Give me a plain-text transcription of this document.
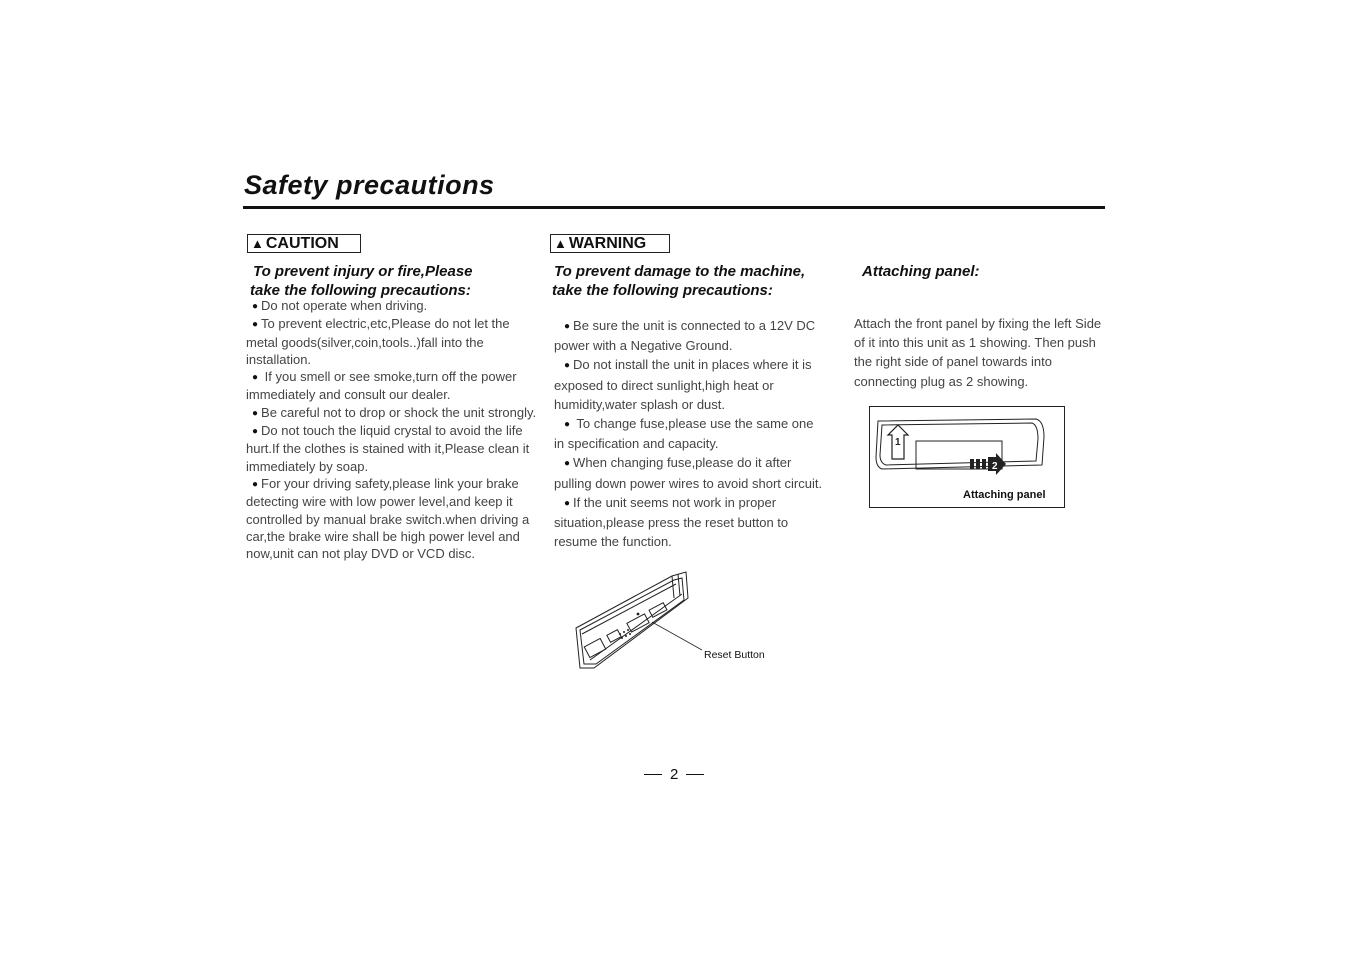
Safety precautions
▲ CAUTION
To prevent injury or fire,Please
take the following precautions:

● Do not operate when driving.

● To prevent electric,etc,Please do not let the metal goods(silver,coin,tools..)fall into the installation.

● If you smell or see smoke,turn off the power immediately and consult our dealer.

● Be careful not to drop or shock the unit strongly.

● Do not touch the liquid crystal to avoid the life hurt.If the clothes is stained with it,Please clean it immediately by soap.

● For your driving safety,please link your brake detecting wire with low power level,and keep it controlled by manual brake switch.when driving a car,the brake wire shall be high power level and now,unit can not play DVD or VCD disc.

▲ WARNING
To prevent damage to the machine,
take the following precautions:

● Be sure the unit is connected to a 12V DC power with a Negative Ground.

● Do not install the unit in places where it is exposed to direct sunlight,high heat or humidity,water splash or dust.

● To change fuse,please use the same one in specification and capacity.

● When changing fuse,please do it after pulling down power wires to avoid short circuit.

● If the unit seems not work in proper situation,please press the reset button to resume the function.

Reset Button
Attaching panel:
Attach the front panel by fixing the left Side of it into this unit as 1 showing. Then push the right side of panel towards into connecting plug as 2 showing.
1
2
Attaching panel
2
